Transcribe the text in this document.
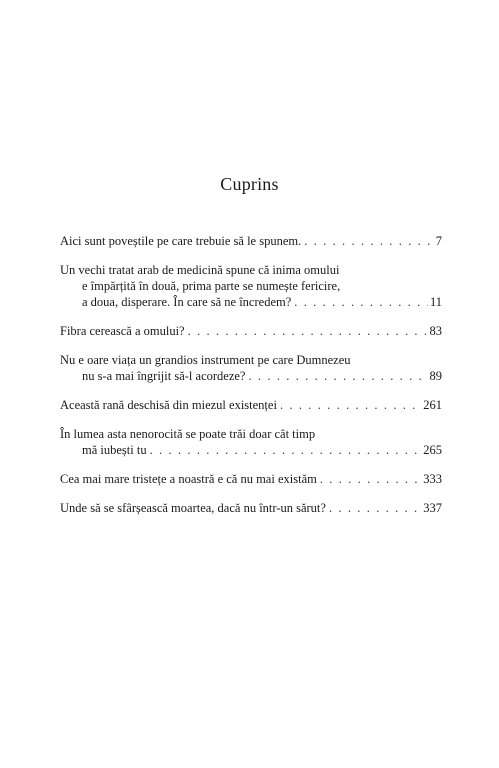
Cuprins
Aici sunt poveștile pe care trebuie să le spunem. . . .	7
Un vechi tratat arab de medicină spune că inima omului
e împărțită în două, prima parte se numește fericire,
a doua, disperare. În care să ne încredem? . . .	11
Fibra cerească a omului? . . .	83
Nu e oare viața un grandios instrument pe care Dumnezeu
nu s-a mai îngrijit să-l acordeze? . . .	89
Această rană deschisă din miezul existenței . . .	261
În lumea asta nenorocită se poate trăi doar cât timp
mă iubești tu . . .	265
Cea mai mare tristețe a noastră e că nu mai existăm . . .	333
Unde să se sfârșească moartea, dacă nu într-un sărut? . . .	337
